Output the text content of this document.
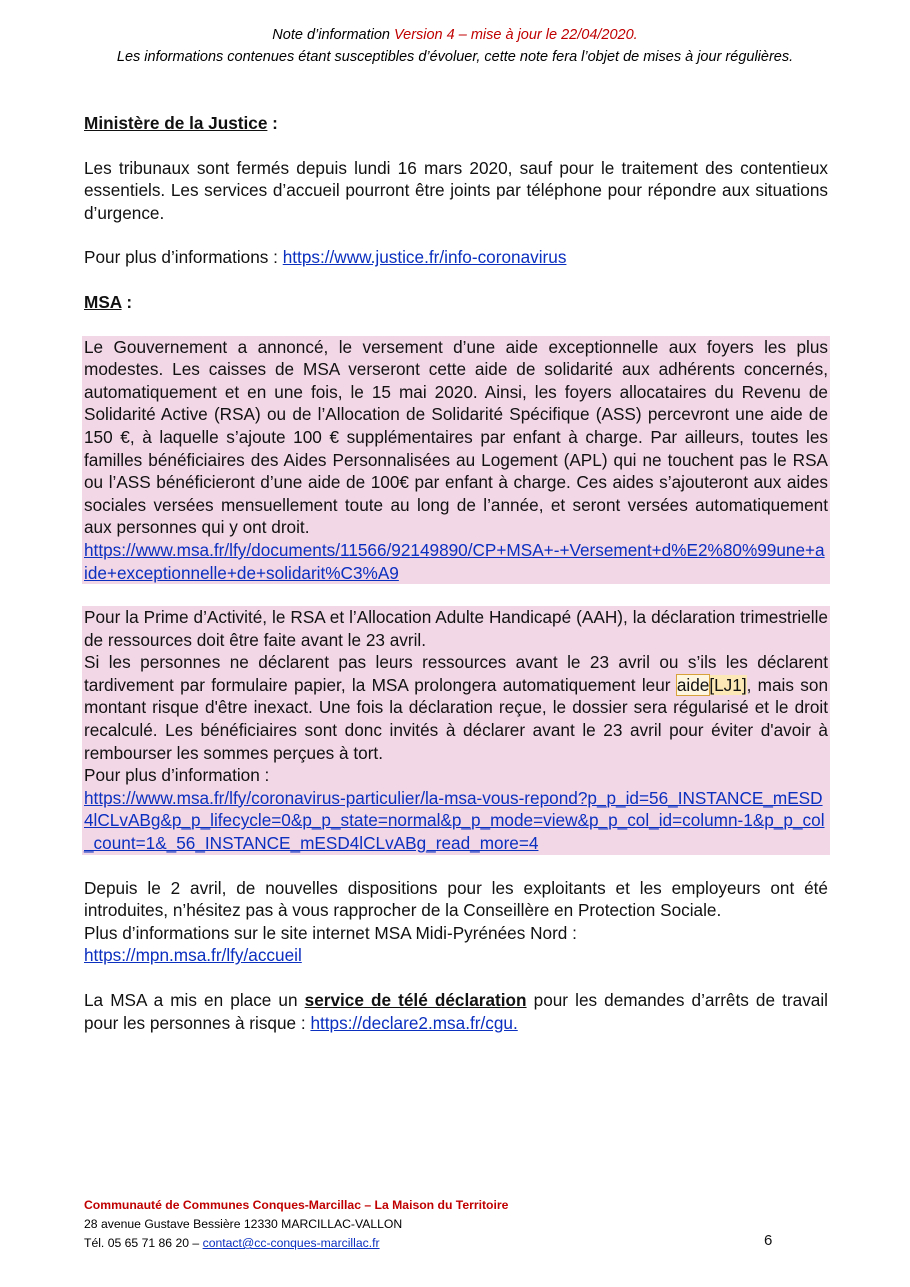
Note d’information Version 4 – mise à jour le 22/04/2020.
Les informations contenues étant susceptibles d’évoluer, cette note fera l’objet de mises à jour régulières.

Ministère de la Justice :

Les tribunaux sont fermés depuis lundi 16 mars 2020, sauf pour le traitement des contentieux essentiels. Les services d’accueil pourront être joints par téléphone pour répondre aux situations d’urgence.

Pour plus d’informations : https://www.justice.fr/info-coronavirus

MSA :

Le Gouvernement a annoncé, le versement d’une aide exceptionnelle aux foyers les plus modestes. Les caisses de MSA verseront cette aide de solidarité aux adhérents concernés, automatiquement et en une fois, le 15 mai 2020. Ainsi, les foyers allocataires du Revenu de Solidarité Active (RSA) ou de l’Allocation de Solidarité Spécifique (ASS) percevront une aide de 150 €, à laquelle s’ajoute 100 € supplémentaires par enfant à charge. Par ailleurs, toutes les familles bénéficiaires des Aides Personnalisées au Logement (APL) qui ne touchent pas le RSA ou l’ASS bénéficieront d’une aide de 100€ par enfant à charge. Ces aides s’ajouteront aux aides sociales versées mensuellement toute au long de l’année, et seront versées automatiquement aux personnes qui y ont droit.

https://www.msa.fr/lfy/documents/11566/92149890/CP+MSA+-+Versement+d%E2%80%99une+aide+exceptionnelle+de+solidarit%C3%A9

Pour la Prime d’Activité, le RSA et l’Allocation Adulte Handicapé (AAH), la déclaration trimestrielle de ressources doit être faite avant le 23 avril.

Si les personnes ne déclarent pas leurs ressources avant le 23 avril ou s’ils les déclarent tardivement par formulaire papier, la MSA prolongera automatiquement leur aide[LJ1], mais son montant risque d'être inexact. Une fois la déclaration reçue, le dossier sera régularisé et le droit recalculé. Les bénéficiaires sont donc invités à déclarer avant le 23 avril pour éviter d'avoir à rembourser les sommes perçues à tort.

Pour plus d’information :

https://www.msa.fr/lfy/coronavirus-particulier/la-msa-vous-repond?p_p_id=56_INSTANCE_mESD4lCLvABg&p_p_lifecycle=0&p_p_state=normal&p_p_mode=view&p_p_col_id=column-1&p_p_col_count=1&_56_INSTANCE_mESD4lCLvABg_read_more=4

Depuis le 2 avril, de nouvelles dispositions pour les exploitants et les employeurs ont été introduites, n’hésitez pas à vous rapprocher de la Conseillère en Protection Sociale.

Plus d’informations sur le site internet MSA Midi-Pyrénées Nord :

https://mpn.msa.fr/lfy/accueil

La MSA a mis en place un service de télé déclaration pour les demandes d’arrêts de travail pour les personnes à risque : https://declare2.msa.fr/cgu.

Communauté de Communes Conques-Marcillac – La Maison du Territoire
28 avenue Gustave Bessière 12330 MARCILLAC-VALLON
Tél. 05 65 71 86 20 – contact@cc-conques-marcillac.fr	6
